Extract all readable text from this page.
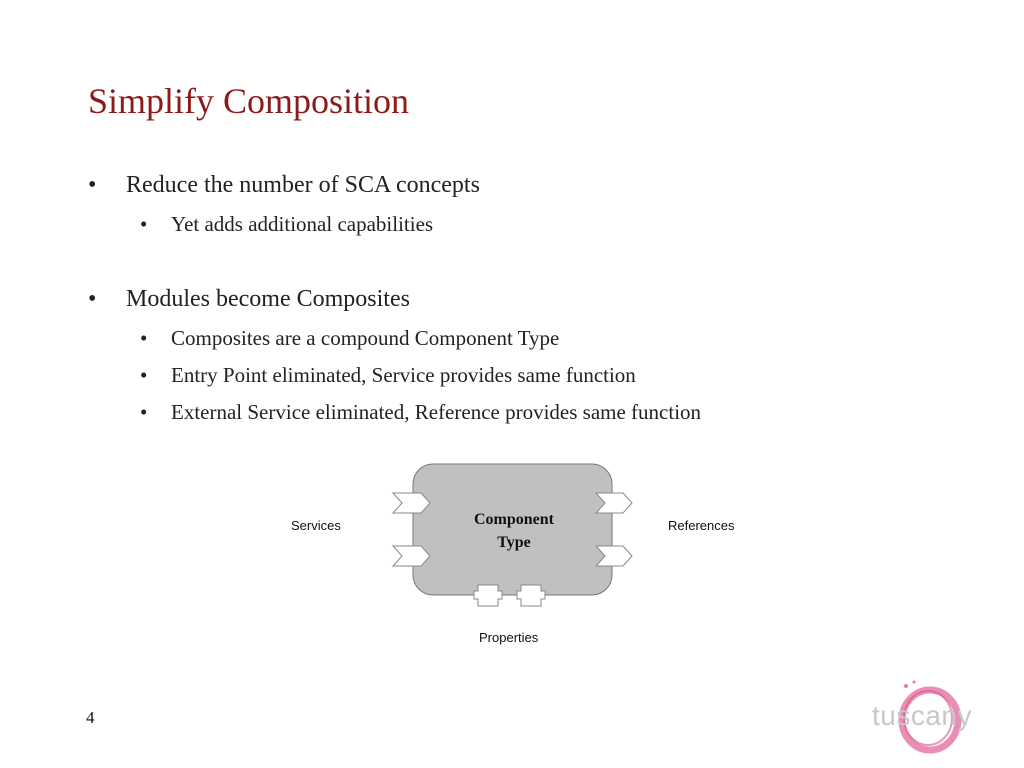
Simplify Composition
• Reduce the number of SCA concepts
• Yet adds additional capabilities
• Modules become Composites
• Composites are a compound Component Type
• Entry Point eliminated, Service provides same function
• External Service eliminated, Reference provides same function
Component
Type
Services	References
Properties
4	tuscany
